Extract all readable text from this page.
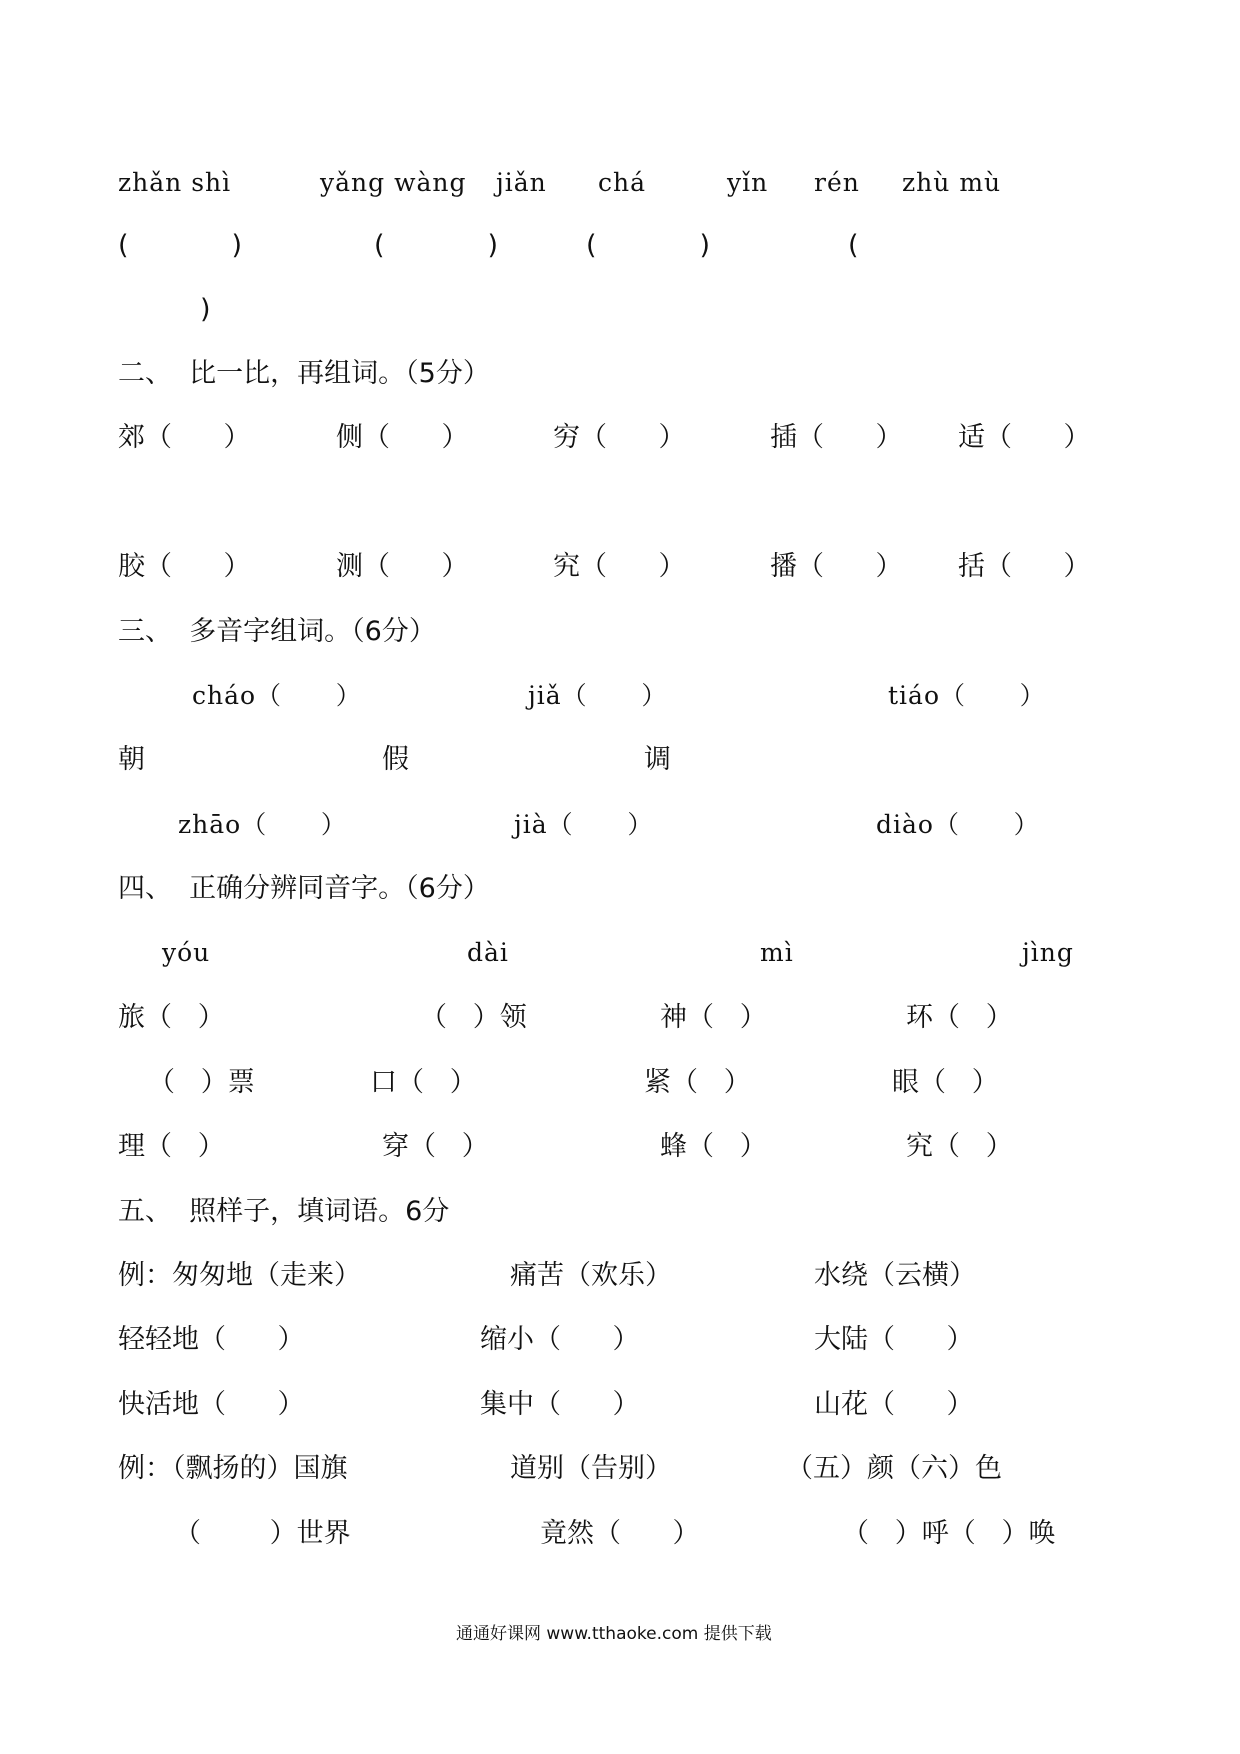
zhǎn shì	yǎng wàng jiǎn chá	yǐn rén zhù mù
(            )	(            )	(            )	(
)
二、  比一比，再组词。（5分）
郊（      ）	侧（      ）	穷（      ）	插（      ） 适（      ）
胶（      ）	测（      ）	究（      ）	播（      ） 括（      ）
三、  多音字组词。（6分）
cháo（      ）	jiǎ（      ）	tiáo（      ）
朝	假	调
zhāo（      ）	jià（      ）	diào（      ）
四、  正确分辨同音字。（6分）
yóu	dài	mì	jìng
旅（   ）	（   ）领	神（   ）	环（   ）
（   ）票	口（   ）	紧（   ）	眼（   ）
理（   ）	穿（   ）	蜂（   ）	究（   ）
五、  照样子，填词语。6分
例：匆匆地（走来）	痛苦（欢乐）	水绕（云横）
轻轻地（      ）	缩小（      ）	大陆（      ）
快活地（      ）	集中（      ）	山花（      ）
例：（飘扬的）国旗	道别（告别）	（五）颜（六）色
（        ）世界	竟然（      ）	（   ）呼（   ）唤
通通好课网 www.tthaoke.com 提供下载
